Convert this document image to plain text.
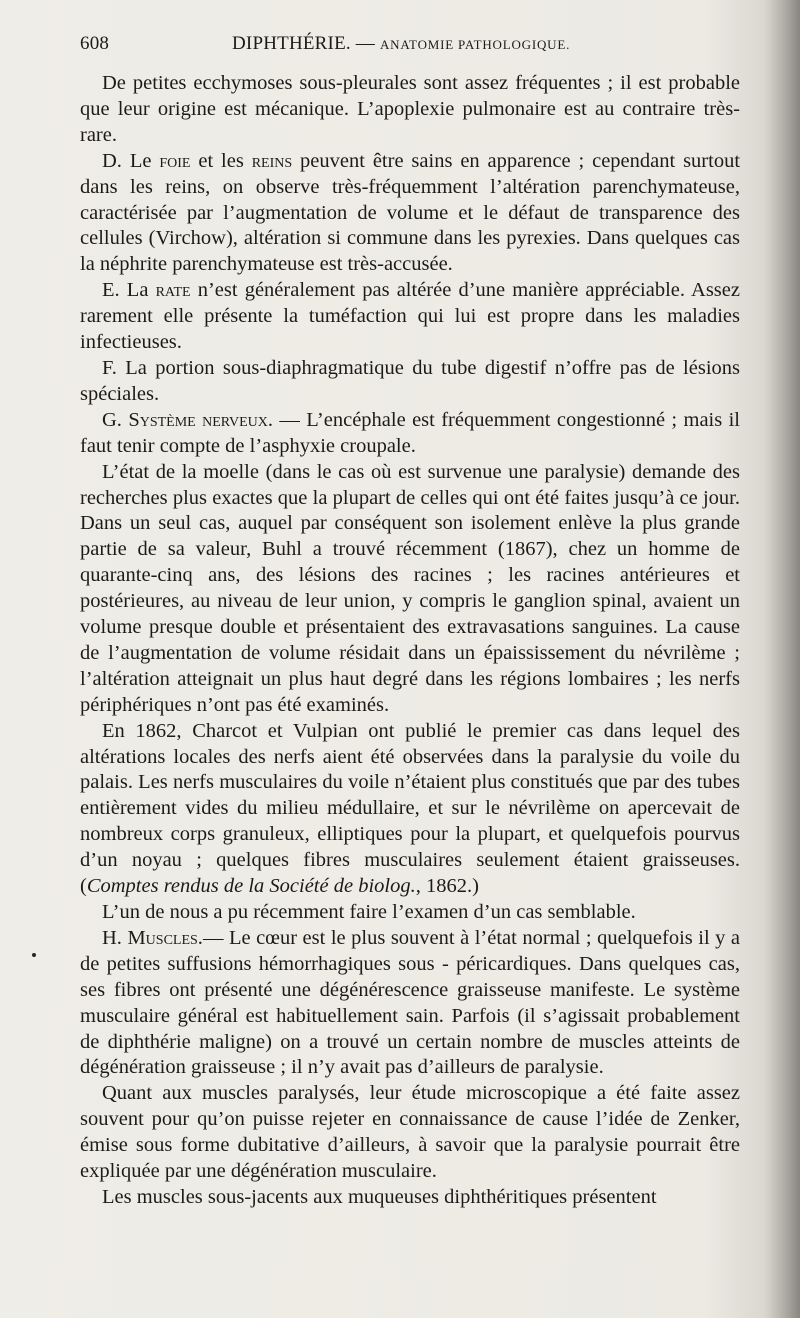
608	DIPHTHÉRIE. — ANATOMIE PATHOLOGIQUE.

De petites ecchymoses sous-pleurales sont assez fréquentes ; il est probable que leur origine est mécanique. L’apoplexie pulmonaire est au contraire très-rare.

D. Le foie et les reins peuvent être sains en apparence ; cependant surtout dans les reins, on observe très-fréquemment l’altération parenchymateuse, caractérisée par l’augmentation de volume et le défaut de transparence des cellules (Virchow), altération si commune dans les pyrexies. Dans quelques cas la néphrite parenchymateuse est très-accusée.

E. La rate n’est généralement pas altérée d’une manière appréciable. Assez rarement elle présente la tuméfaction qui lui est propre dans les maladies infectieuses.

F. La portion sous-diaphragmatique du tube digestif n’offre pas de lésions spéciales.

G. Système nerveux. — L’encéphale est fréquemment congestionné ; mais il faut tenir compte de l’asphyxie croupale.

L’état de la moelle (dans le cas où est survenue une paralysie) demande des recherches plus exactes que la plupart de celles qui ont été faites jusqu’à ce jour. Dans un seul cas, auquel par conséquent son isolement enlève la plus grande partie de sa valeur, Buhl a trouvé récemment (1867), chez un homme de quarante-cinq ans, des lésions des racines ; les racines antérieures et postérieures, au niveau de leur union, y compris le ganglion spinal, avaient un volume presque double et présentaient des extravasations sanguines. La cause de l’augmentation de volume résidait dans un épaississement du névrilème ; l’altération atteignait un plus haut degré dans les régions lombaires ; les nerfs périphériques n’ont pas été examinés.

En 1862, Charcot et Vulpian ont publié le premier cas dans lequel des altérations locales des nerfs aient été observées dans la paralysie du voile du palais. Les nerfs musculaires du voile n’étaient plus constitués que par des tubes entièrement vides du milieu médullaire, et sur le névrilème on apercevait de nombreux corps granuleux, elliptiques pour la plupart, et quelquefois pourvus d’un noyau ; quelques fibres musculaires seulement étaient graisseuses. (Comptes rendus de la Société de biolog., 1862.)

L’un de nous a pu récemment faire l’examen d’un cas semblable.

H. Muscles.— Le cœur est le plus souvent à l’état normal ; quelquefois il y a de petites suffusions hémorrhagiques sous - péricardiques. Dans quelques cas, ses fibres ont présenté une dégénérescence graisseuse manifeste. Le système musculaire général est habituellement sain. Parfois (il s’agissait probablement de diphthérie maligne) on a trouvé un certain nombre de muscles atteints de dégénération graisseuse ; il n’y avait pas d’ailleurs de paralysie.

Quant aux muscles paralysés, leur étude microscopique a été faite assez souvent pour qu’on puisse rejeter en connaissance de cause l’idée de Zenker, émise sous forme dubitative d’ailleurs, à savoir que la paralysie pourrait être expliquée par une dégénération musculaire.

Les muscles sous-jacents aux muqueuses diphthéritiques présentent
